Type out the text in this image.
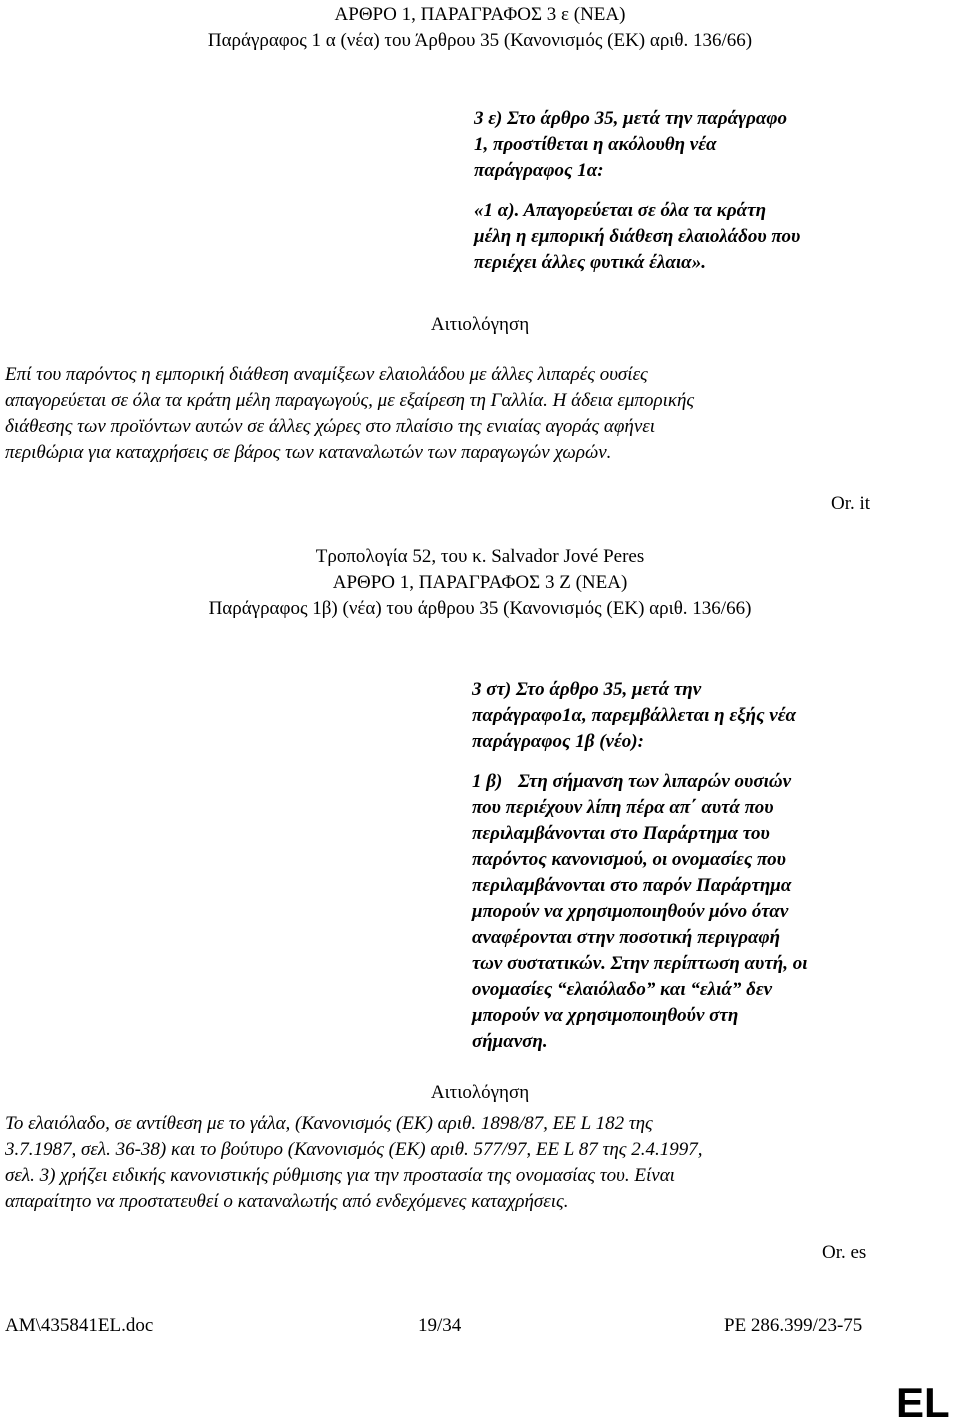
ΑΡΘΡΟ 1, ΠΑΡΑΓΡΑΦΟΣ 3 ε (ΝΕΑ)
Παράγραφος 1 α (νέα) του Άρθρου 35 (Κανονισμός (ΕΚ) αριθ. 136/66)
3 ε) Στο άρθρο 35, μετά την παράγραφο
1, προστίθεται η ακόλουθη νέα
παράγραφος 1α:
«1 α). Απαγορεύεται σε όλα τα κράτη
μέλη η εμπορική διάθεση ελαιολάδου που
περιέχει άλλες φυτικά έλαια».
Αιτιολόγηση
Επί του παρόντος η εμπορική διάθεση αναμίξεων ελαιολάδου με άλλες λιπαρές ουσίες
απαγορεύεται σε όλα τα κράτη μέλη παραγωγούς, με εξαίρεση τη Γαλλία. Η άδεια εμπορικής
διάθεσης των προϊόντων αυτών σε άλλες χώρες στο πλαίσιο της ενιαίας αγοράς αφήνει
περιθώρια για καταχρήσεις σε βάρος των καταναλωτών των παραγωγών χωρών.
Or. it
Τροπολογία 52, του κ. Salvador Jové Peres
ΑΡΘΡΟ 1, ΠΑΡΑΓΡΑΦΟΣ 3 Ζ (ΝΕΑ)
Παράγραφος 1β) (νέα) του άρθρου 35 (Κανονισμός (ΕΚ) αριθ. 136/66)
3 στ) Στο άρθρο 35, μετά την
παράγραφο1α, παρεμβάλλεται η εξής νέα
παράγραφος 1β (νέο):
1 β) Στη σήμανση των λιπαρών ουσιών
που περιέχουν λίπη πέρα απ΄ αυτά που
περιλαμβάνονται στο Παράρτημα του
παρόντος κανονισμού, οι ονομασίες που
περιλαμβάνονται στο παρόν Παράρτημα
μπορούν να χρησιμοποιηθούν μόνο όταν
αναφέρονται στην ποσοτική περιγραφή
των συστατικών. Στην περίπτωση αυτή, οι
ονομασίες “ελαιόλαδο” και “ελιά” δεν
μπορούν να χρησιμοποιηθούν στη
σήμανση.
Αιτιολόγηση
Το ελαιόλαδο, σε αντίθεση με το γάλα, (Κανονισμός (ΕΚ) αριθ. 1898/87, ΕΕ L 182 της
3.7.1987, σελ. 36-38) και το βούτυρο (Κανονισμός (ΕΚ) αριθ. 577/97, ΕΕ L 87 της 2.4.1997,
σελ. 3) χρήζει ειδικής κανονιστικής ρύθμισης για την προστασία της ονομασίας του. Είναι
απαραίτητο να προστατευθεί ο καταναλωτής από ενδεχόμενες καταχρήσεις.
Or. es
AM\435841EL.doc	19/34	PE 286.399/23-75
EL
